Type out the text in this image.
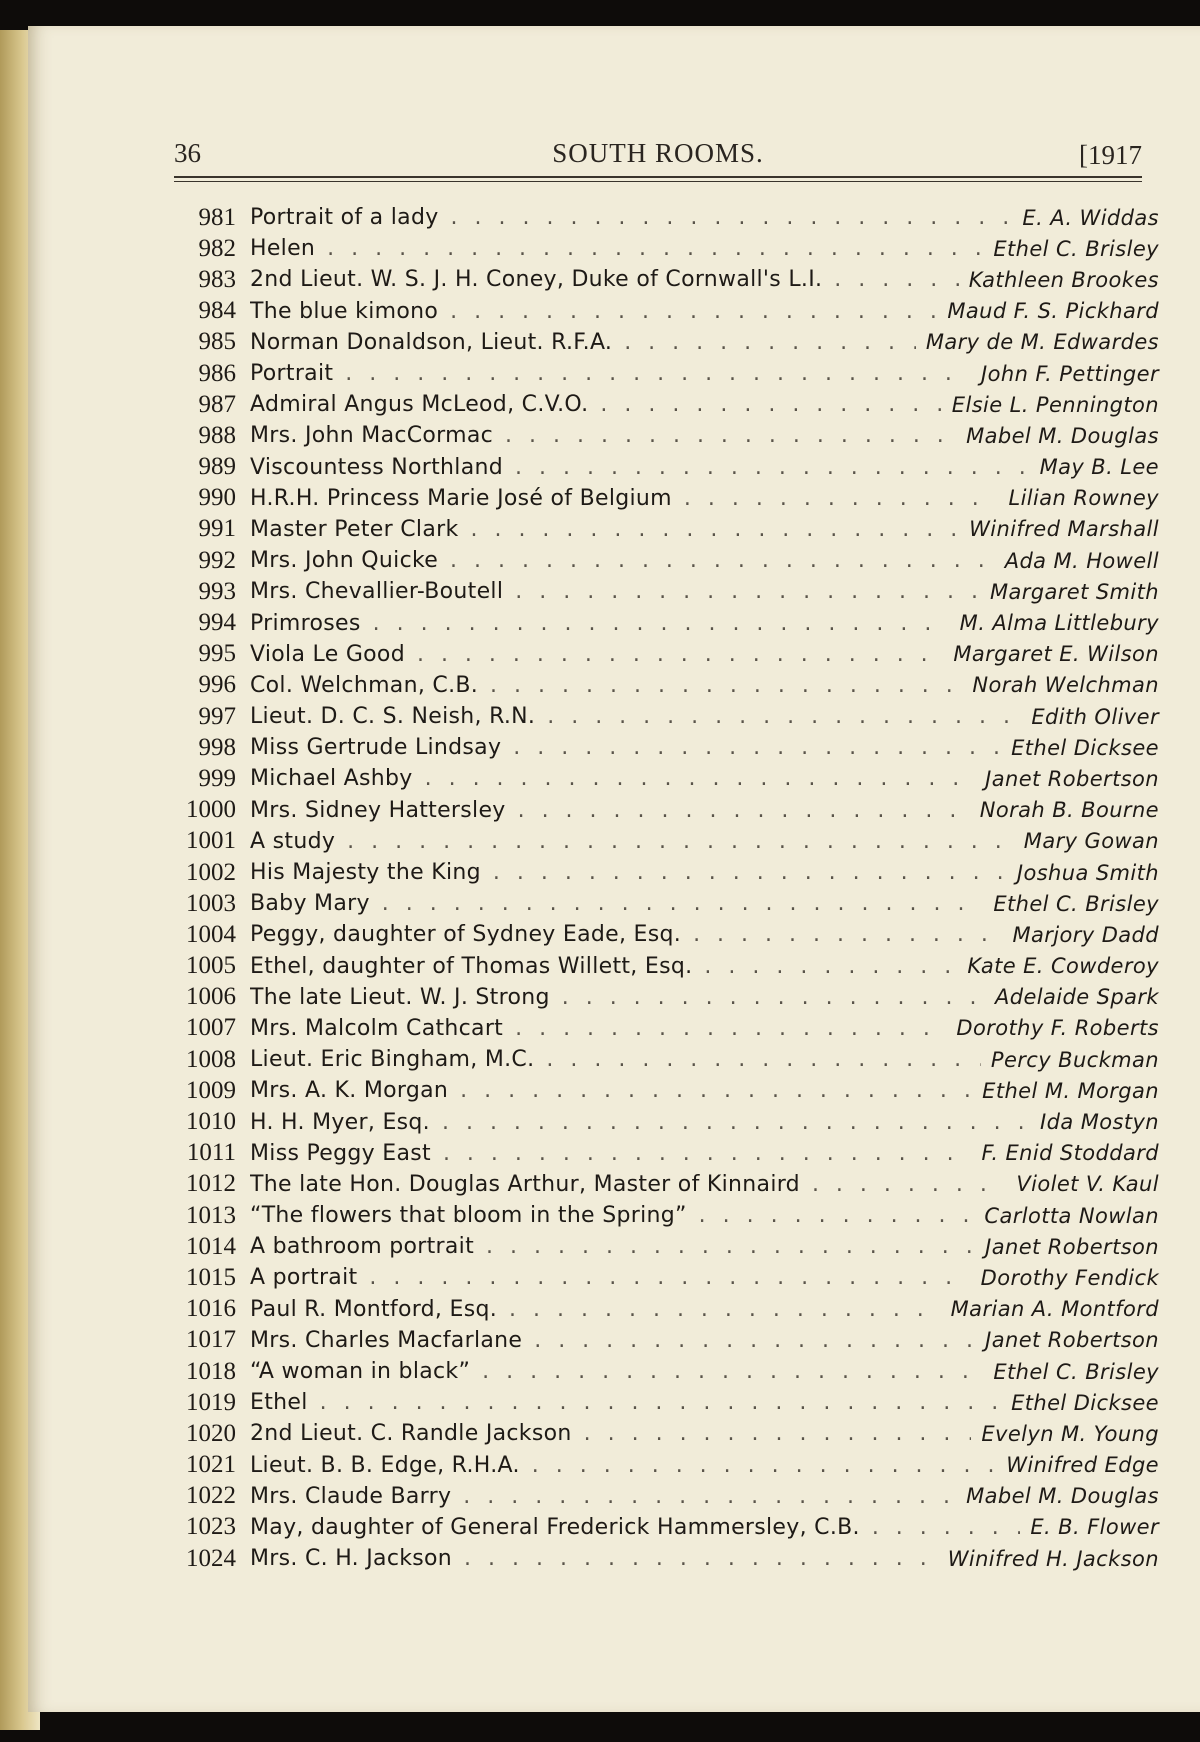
SOUTH ROOMS.
36	[1917
981 Portrait of a lady . . .	E. A. Widdas
982 Helen . . .	Ethel C. Brisley
983 2nd Lieut. W. S. J. H. Coney, Duke of Cornwall's L.I. . . .	Kathleen Brookes
984 The blue kimono . . .	Maud F. S. Pickhard
985 Norman Donaldson, Lieut. R.F.A. . . .	Mary de M. Edwardes
986 Portrait . . .	John F. Pettinger
987 Admiral Angus McLeod, C.V.O. . . .	Elsie L. Pennington
988 Mrs. John MacCormac . . .	Mabel M. Douglas
989 Viscountess Northland . . .	May B. Lee
990 H.R.H. Princess Marie José of Belgium . . .	Lilian Rowney
991 Master Peter Clark . . .	Winifred Marshall
992 Mrs. John Quicke . . .	Ada M. Howell
993 Mrs. Chevallier-Boutell . . .	Margaret Smith
994 Primroses . . .	M. Alma Littlebury
995 Viola Le Good . . .	Margaret E. Wilson
996 Col. Welchman, C.B. . . .	Norah Welchman
997 Lieut. D. C. S. Neish, R.N. . . .	Edith Oliver
998 Miss Gertrude Lindsay . . .	Ethel Dicksee
999 Michael Ashby . . .	Janet Robertson
1000 Mrs. Sidney Hattersley . . .	Norah B. Bourne
1001 A study . . .	Mary Gowan
1002 His Majesty the King . . .	Joshua Smith
1003 Baby Mary . . .	Ethel C. Brisley
1004 Peggy, daughter of Sydney Eade, Esq. . . .	Marjory Dadd
1005 Ethel, daughter of Thomas Willett, Esq. . . .	Kate E. Cowderoy
1006 The late Lieut. W. J. Strong . . .	Adelaide Spark
1007 Mrs. Malcolm Cathcart . . .	Dorothy F. Roberts
1008 Lieut. Eric Bingham, M.C. . . .	Percy Buckman
1009 Mrs. A. K. Morgan . . .	Ethel M. Morgan
1010 H. H. Myer, Esq. . . .	Ida Mostyn
1011 Miss Peggy East . . .	F. Enid Stoddard
1012 The late Hon. Douglas Arthur, Master of Kinnaird . . .	Violet V. Kaul
1013 “The flowers that bloom in the Spring” . . .	Carlotta Nowlan
1014 A bathroom portrait . . .	Janet Robertson
1015 A portrait . . .	Dorothy Fendick
1016 Paul R. Montford, Esq. . . .	Marian A. Montford
1017 Mrs. Charles Macfarlane . . .	Janet Robertson
1018 “A woman in black” . . .	Ethel C. Brisley
1019 Ethel . . .	Ethel Dicksee
1020 2nd Lieut. C. Randle Jackson . . .	Evelyn M. Young
1021 Lieut. B. B. Edge, R.H.A. . . .	Winifred Edge
1022 Mrs. Claude Barry . . .	Mabel M. Douglas
1023 May, daughter of General Frederick Hammersley, C.B. . . .	E. B. Flower
1024 Mrs. C. H. Jackson . . .	Winifred H. Jackson
